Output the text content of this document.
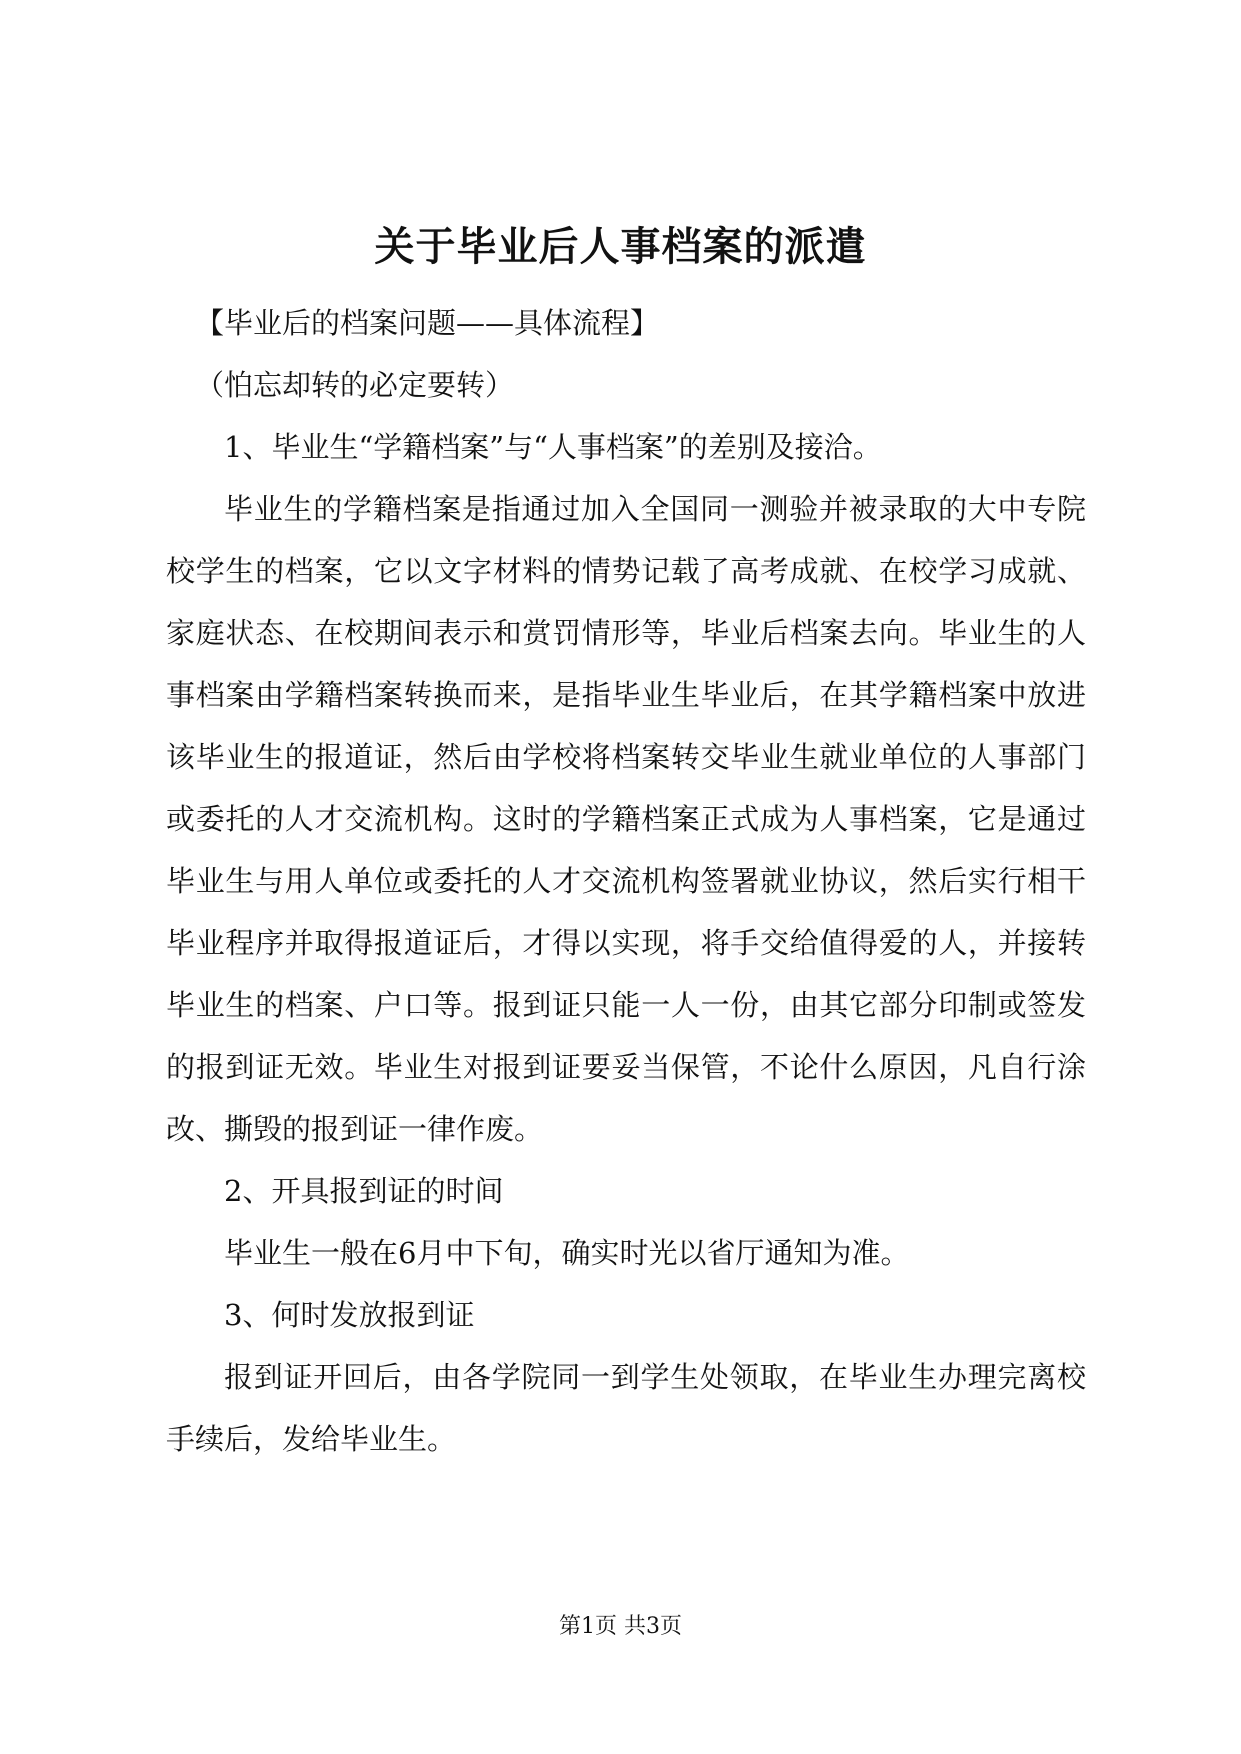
关于毕业后人事档案的派遣

【毕业后的档案问题——具体流程】

（怕忘却转的必定要转）

1、毕业生“学籍档案”与“人事档案”的差别及接洽。

毕业生的学籍档案是指通过加入全国同一测验并被录取的大中专院校学生的档案，它以文字材料的情势记载了高考成就、在校学习成就、家庭状态、在校期间表示和赏罚情形等，毕业后档案去向。毕业生的人事档案由学籍档案转换而来，是指毕业生毕业后，在其学籍档案中放进该毕业生的报道证，然后由学校将档案转交毕业生就业单位的人事部门或委托的人才交流机构。这时的学籍档案正式成为人事档案，它是通过毕业生与用人单位或委托的人才交流机构签署就业协议，然后实行相干毕业程序并取得报道证后，才得以实现，将手交给值得爱的人，并接转毕业生的档案、户口等。报到证只能一人一份，由其它部分印制或签发的报到证无效。毕业生对报到证要妥当保管，不论什么原因，凡自行涂改、撕毁的报到证一律作废。

2、开具报到证的时间

毕业生一般在6月中下旬，确实时光以省厅通知为准。

3、何时发放报到证

报到证开回后，由各学院同一到学生处领取，在毕业生办理完离校手续后，发给毕业生。

第1页 共3页
